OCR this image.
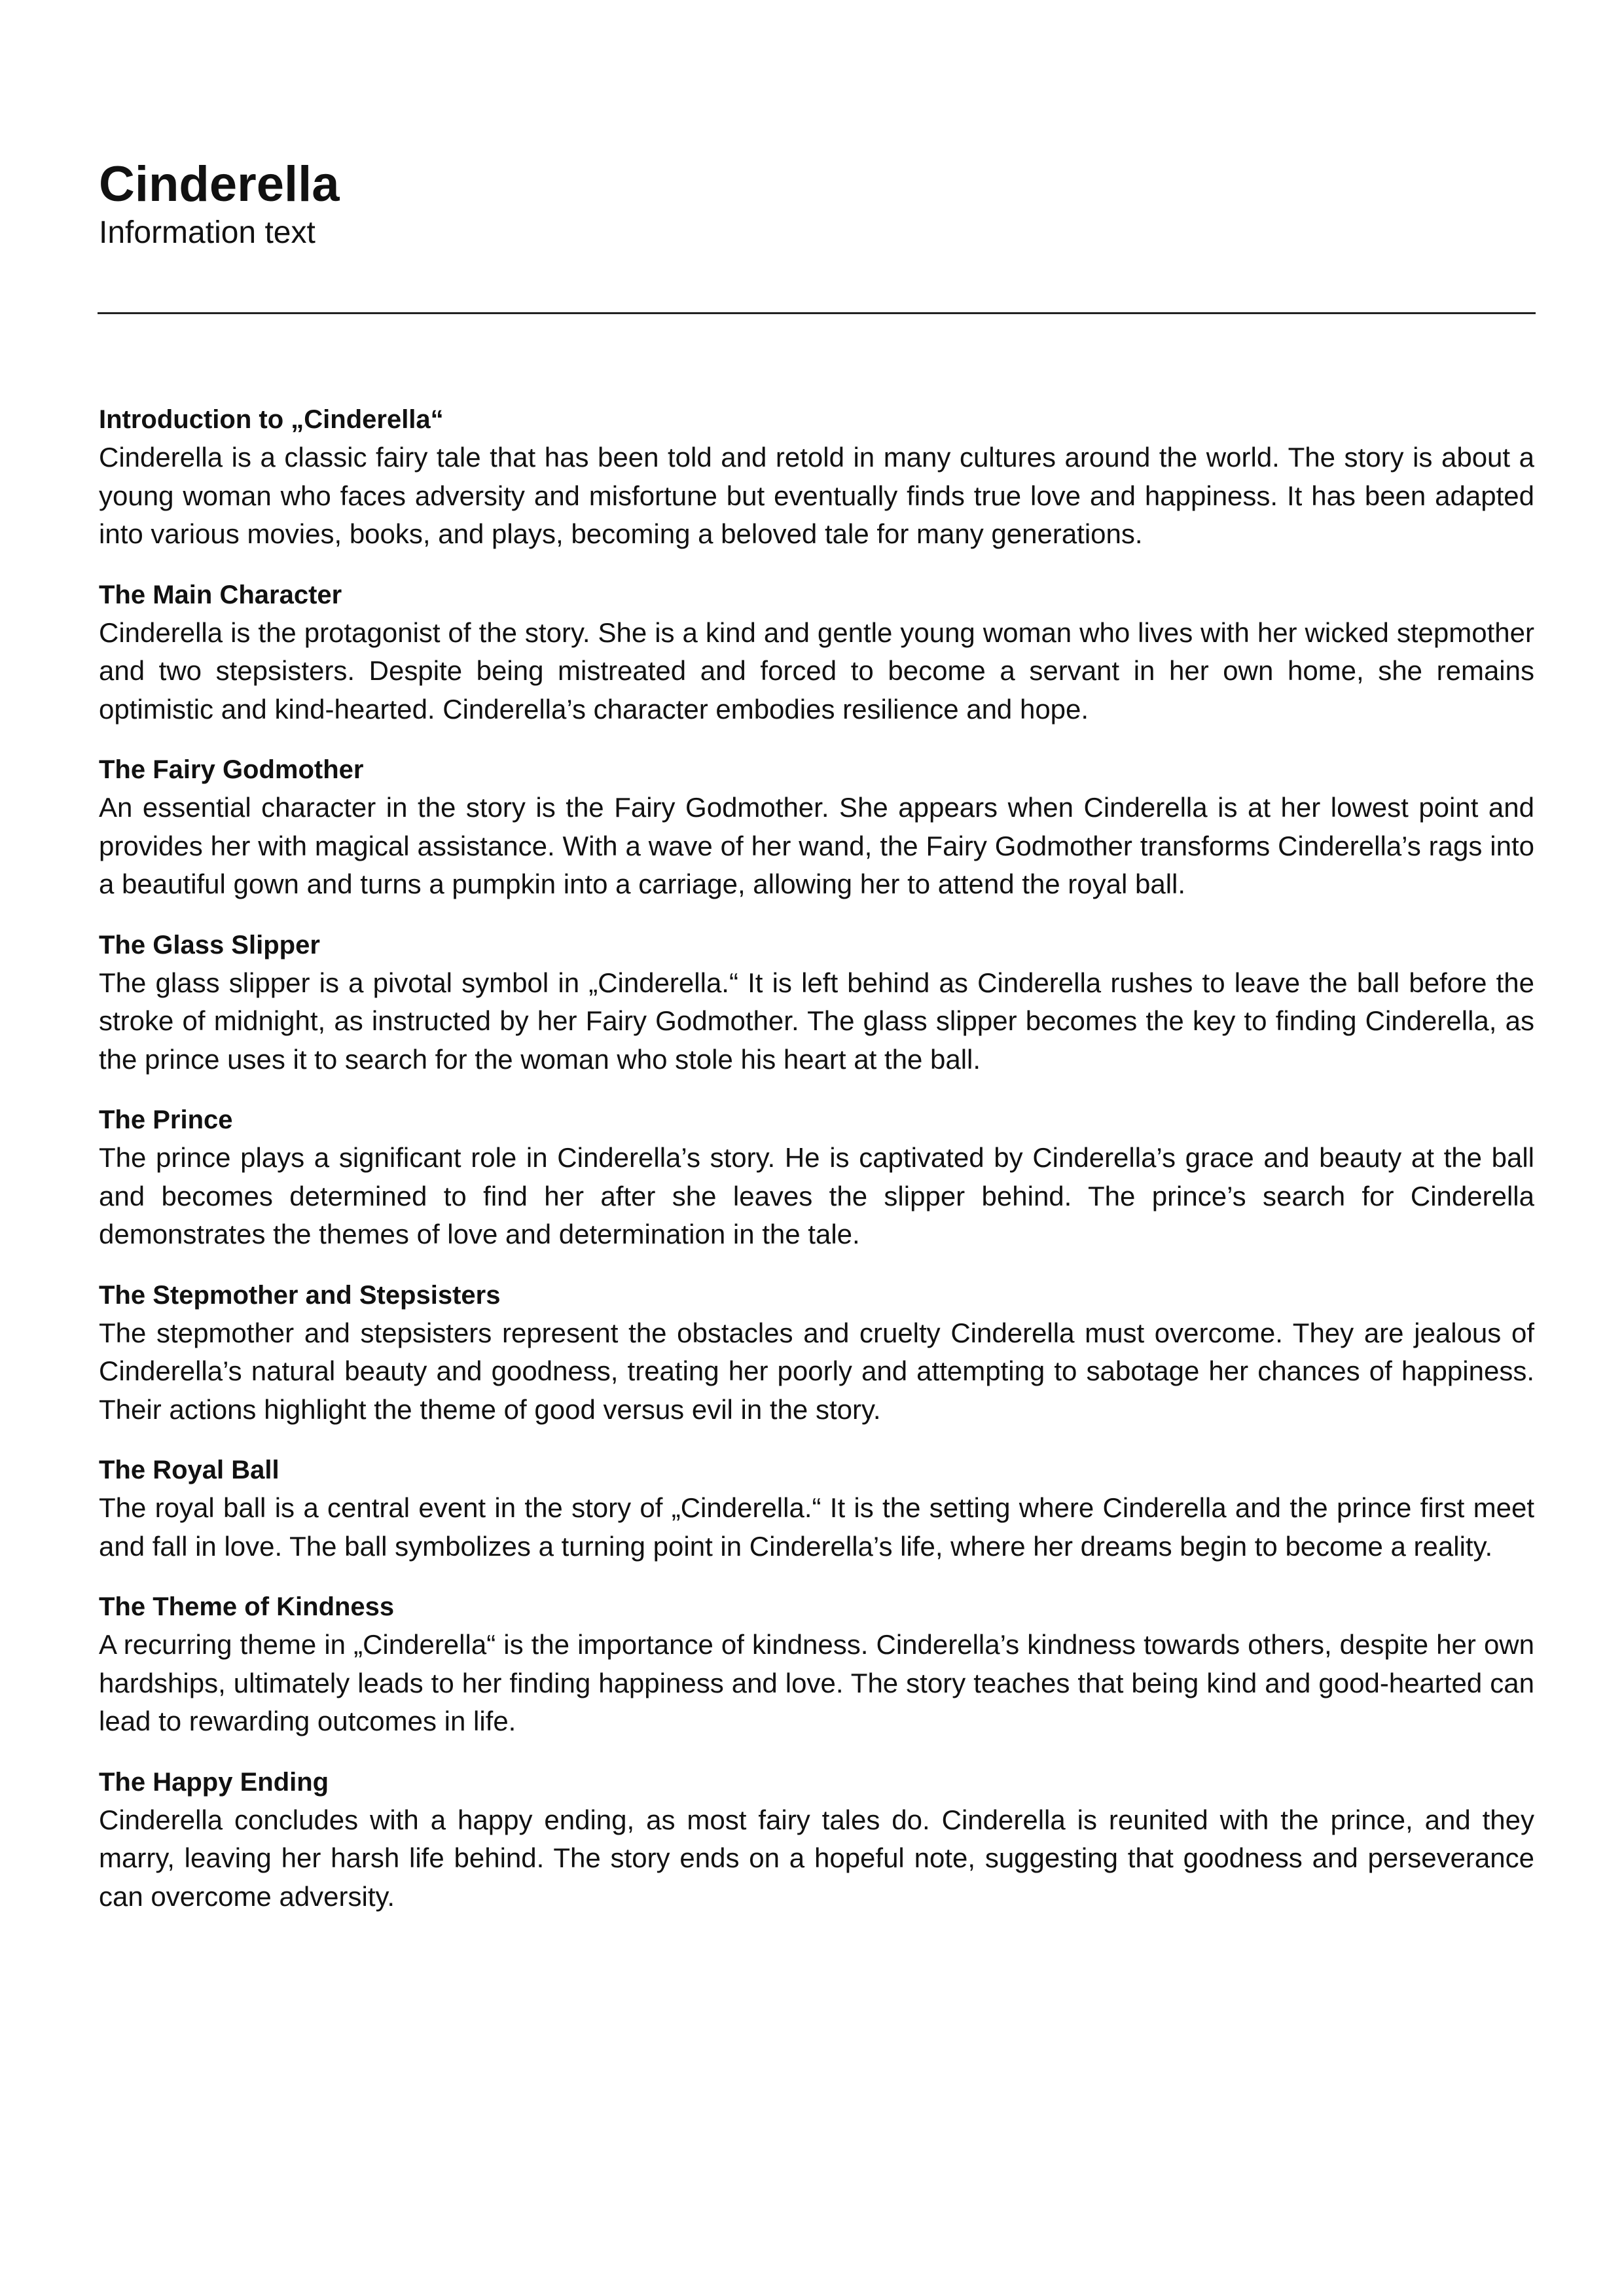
Cinderella

Information text

Introduction to „Cinderella“

Cinderella is a classic fairy tale that has been told and retold in many cultures around the world. The story is about a young woman who faces adversity and misfortune but eventually finds true love and happiness. It has been adapted into various movies, books, and plays, becoming a beloved tale for many generations.

The Main Character

Cinderella is the protagonist of the story. She is a kind and gentle young woman who lives with her wicked stepmother and two stepsisters. Despite being mistreated and forced to become a servant in her own home, she remains optimistic and kind-hearted. Cinderella’s character embodies resilience and hope.

The Fairy Godmother

An essential character in the story is the Fairy Godmother. She appears when Cinderella is at her lowest point and provides her with magical assistance. With a wave of her wand, the Fairy Godmother transforms Cinderella’s rags into a beautiful gown and turns a pumpkin into a carriage, allowing her to attend the royal ball.

The Glass Slipper

The glass slipper is a pivotal symbol in „Cinderella.“ It is left behind as Cinderella rushes to leave the ball before the stroke of midnight, as instructed by her Fairy Godmother. The glass slipper becomes the key to finding Cinderella, as the prince uses it to search for the woman who stole his heart at the ball.

The Prince

The prince plays a significant role in Cinderella’s story. He is captivated by Cinderella’s grace and beauty at the ball and becomes determined to find her after she leaves the slipper behind. The prince’s search for Cinderella demonstrates the themes of love and determination in the tale.

The Stepmother and Stepsisters

The stepmother and stepsisters represent the obstacles and cruelty Cinderella must overcome. They are jealous of Cinderella’s natural beauty and goodness, treating her poorly and attempting to sabotage her chances of happiness. Their actions highlight the theme of good versus evil in the story.

The Royal Ball

The royal ball is a central event in the story of „Cinderella.“ It is the setting where Cinderella and the prince first meet and fall in love. The ball symbolizes a turning point in Cinderella’s life, where her dreams begin to become a reality.

The Theme of Kindness

A recurring theme in „Cinderella“ is the importance of kindness. Cinderella’s kindness towards others, despite her own hardships, ultimately leads to her finding happiness and love. The story teaches that being kind and good-hearted can lead to rewarding outcomes in life.

The Happy Ending

Cinderella concludes with a happy ending, as most fairy tales do. Cinderella is reunited with the prince, and they marry, leaving her harsh life behind. The story ends on a hopeful note, suggesting that goodness and perseverance can overcome adversity.
